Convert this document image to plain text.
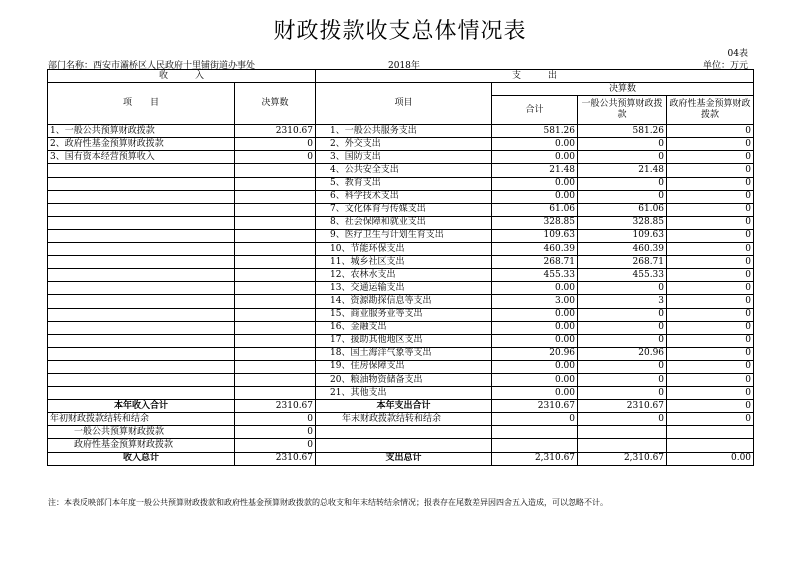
财政拨款收支总体情况表
04表
部门名称：西安市灞桥区人民政府十里铺街道办事处	2018年	单位：万元
收　　　入		支　　　出			
项　　目	决算数	项目	决算数		
			合计	一般公共预算财政拨款	政府性基金预算财政拨款
1、一般公共预算财政拨款	2310.67	1、一般公共服务支出	581.26	581.26	0
2、政府性基金预算财政拨款	0	2、外交支出	0.00	0	0
3、国有资本经营预算收入	0	3、国防支出	0.00	0	0
		4、公共安全支出	21.48	21.48	0
		5、教育支出	0.00	0	0
		6、科学技术支出	0.00	0	0
		7、文化体育与传媒支出	61.06	61.06	0
		8、社会保障和就业支出	328.85	328.85	0
		9、医疗卫生与计划生育支出	109.63	109.63	0
		10、节能环保支出	460.39	460.39	0
		11、城乡社区支出	268.71	268.71	0
		12、农林水支出	455.33	455.33	0
		13、交通运输支出	0.00	0	0
		14、资源勘探信息等支出	3.00	3	0
		15、商业服务业等支出	0.00	0	0
		16、金融支出	0.00	0	0
		17、援助其他地区支出	0.00	0	0
		18、国土海洋气象等支出	20.96	20.96	0
		19、住房保障支出	0.00	0	0
		20、粮油物资储备支出	0.00	0	0
		21、其他支出	0.00	0	0
本年收入合计	2310.67	本年支出合计	2310.67	2310.67	0
年初财政拨款结转和结余	0	年末财政拨款结转和结余	0	0	0
一般公共预算财政拨款	0				
政府性基金预算财政拨款	0				
收入总计	2310.67	支出总计	2,310.67	2,310.67	0.00
注：本表反映部门本年度一般公共预算财政拨款和政府性基金预算财政拨款的总收支和年末结转结余情况；报表存在尾数差异因四舍五入造成，可以忽略不计。
